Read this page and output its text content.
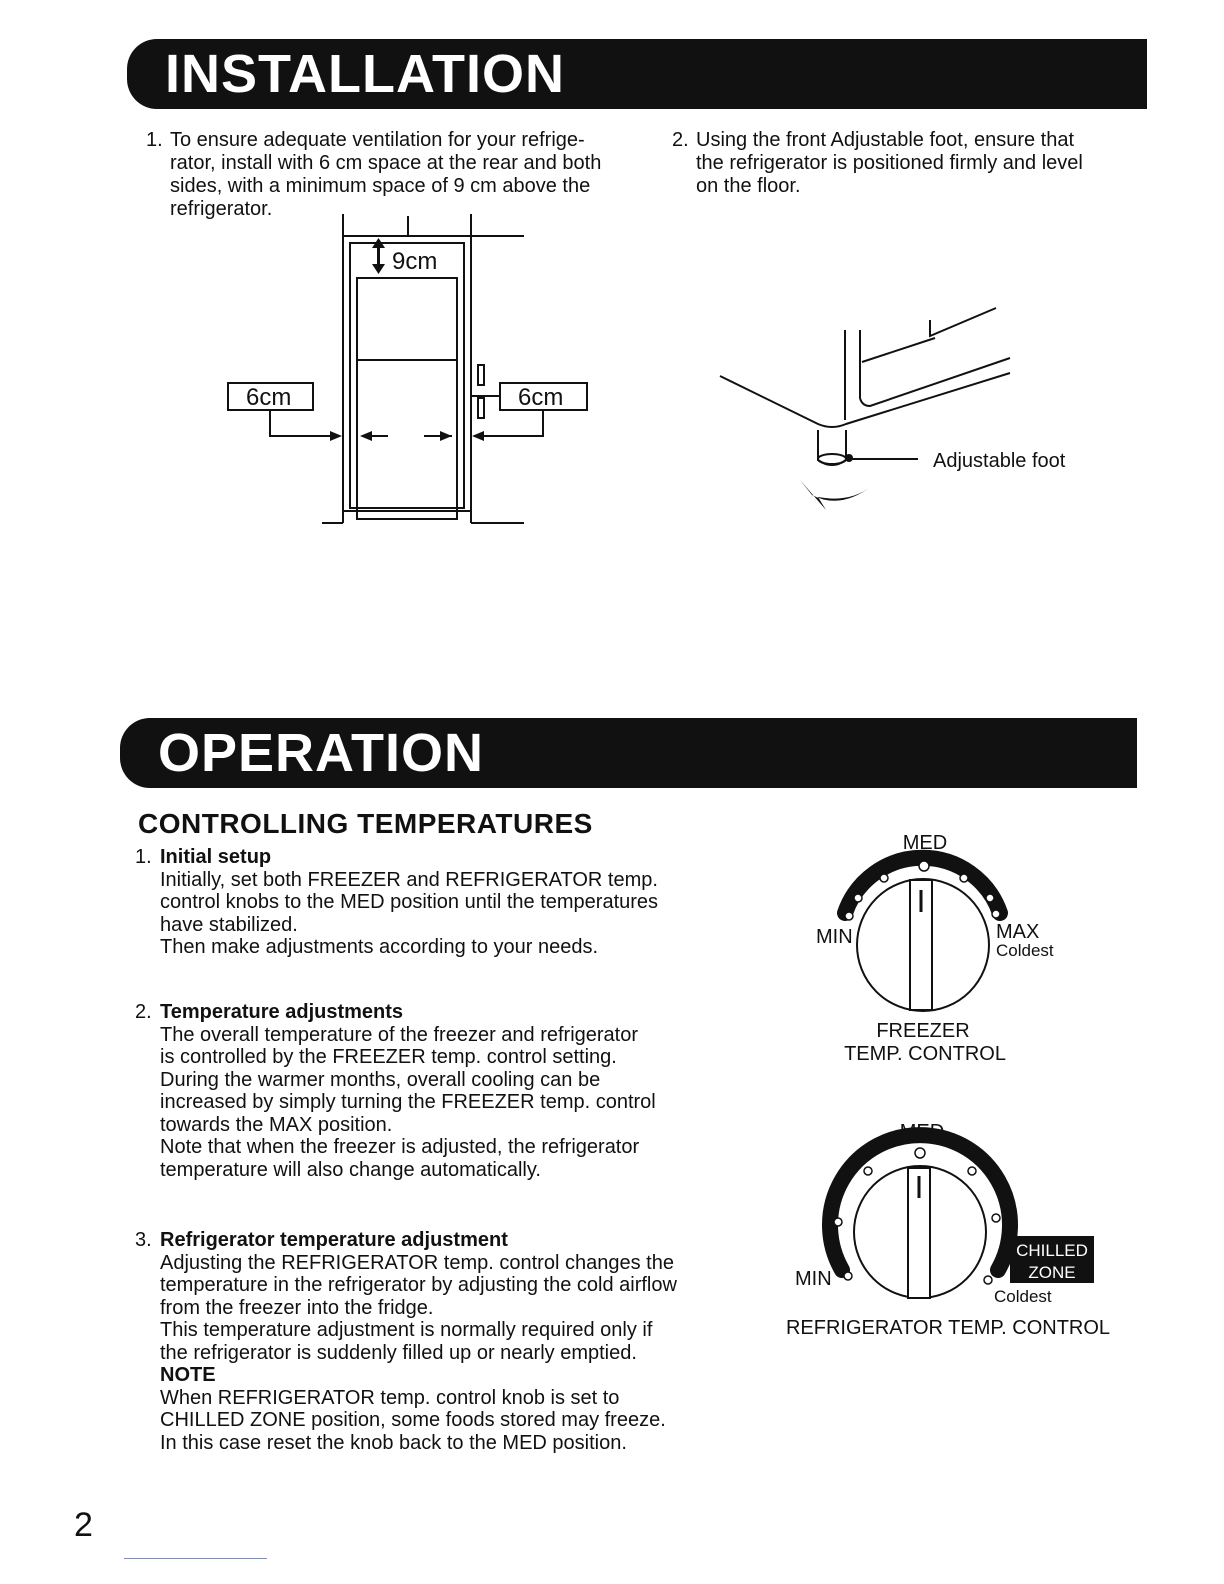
INSTALLATION
1. To ensure adequate ventilation for your refrige-
rator, install with 6 cm space at the rear and both
sides, with a minimum space of 9 cm above the
refrigerator.
2. Using the front Adjustable foot, ensure that
the refrigerator is positioned firmly and level
on the floor.
9cm
6cm	6cm
Adjustable foot
OPERATION
CONTROLLING TEMPERATURES
1. Initial setup
Initially, set both FREEZER and REFRIGERATOR temp.
control knobs to the MED position until the temperatures
have stabilized.
Then make adjustments according to your needs.
2. Temperature adjustments
The overall temperature of the freezer and refrigerator
is controlled by the FREEZER temp. control setting.
During the warmer months, overall cooling can be
increased by simply turning the FREEZER temp. control
towards the MAX position.
Note that when the freezer is adjusted, the refrigerator
temperature will also change automatically.
3. Refrigerator temperature adjustment
Adjusting the REFRIGERATOR temp. control changes the
temperature in the refrigerator by adjusting the cold airflow
from the freezer into the fridge.
This temperature adjustment is normally required only if
the refrigerator is suddenly filled up or nearly emptied.
NOTE
When REFRIGERATOR temp. control knob is set to
CHILLED ZONE position, some foods stored may freeze.
In this case reset the knob back to the MED position.
MED
MIN	MAX
Coldest
FREEZER
TEMP. CONTROL
MED
CHILLED
ZONE
MIN
Coldest
REFRIGERATOR TEMP. CONTROL
2
